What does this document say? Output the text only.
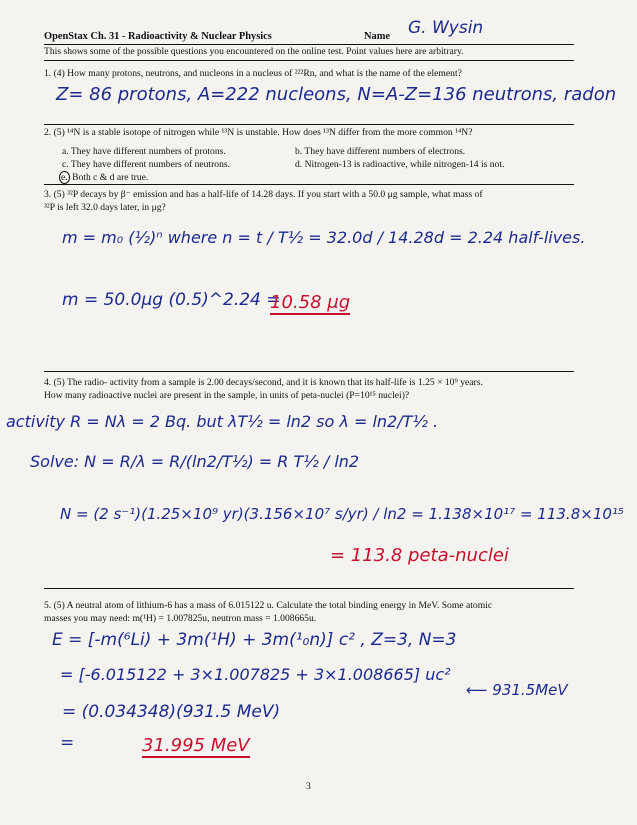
OpenStax Ch. 31 - Radioactivity & Nuclear Physics	Name G. Wysin
This shows some of the possible questions you encountered on the online test. Point values here are arbitrary.
1. (4) How many protons, neutrons, and nucleons in a nucleus of ²²²Rn, and what is the name of the element?
Z= 86 protons, A=222 nucleons, N=A-Z=136 neutrons, radon
2. (5) ¹⁴N is a stable isotope of nitrogen while ¹³N is unstable. How does ¹³N differ from the more common ¹⁴N?
a. They have different numbers of protons.	b. They have different numbers of electrons.
c. They have different numbers of neutrons.	d. Nitrogen-13 is radioactive, while nitrogen-14 is not.
e. Both c & d are true.
3. (5) ³²P decays by β⁻ emission and has a half-life of 14.28 days. If you start with a 50.0 μg sample, what mass of
³²P is left 32.0 days later, in μg?
m = m₀ (½)ⁿ where n = t / T½ = 32.0d / 14.28d = 2.24 half-lives.
m = 50.0μg (0.5)^2.24 =
10.58 μg
4. (5) The radio- activity from a sample is 2.00 decays/second, and it is known that its half-life is 1.25 × 10⁹ years.
How many radioactive nuclei are present in the sample, in units of peta-nuclei (P=10¹⁵ nuclei)?
activity R = Nλ = 2 Bq. but λT½ = ln2 so λ = ln2/T½ .
Solve: N = R/λ = R/(ln2/T½) = R T½ / ln2
N = (2 s⁻¹)(1.25×10⁹ yr)(3.156×10⁷ s/yr) / ln2 = 1.138×10¹⁷ = 113.8×10¹⁵
= 113.8 peta-nuclei
5. (5) A neutral atom of lithium-6 has a mass of 6.015122 u. Calculate the total binding energy in MeV. Some atomic
masses you may need: m(¹H) = 1.007825u, neutron mass = 1.008665u.
E = [-m(⁶Li) + 3m(¹H) + 3m(¹₀n)] c² , Z=3, N=3
= [-6.015122 + 3×1.007825 + 3×1.008665] uc²
⟵ 931.5MeV
= (0.034348)(931.5 MeV)
=	31.995 MeV
3
